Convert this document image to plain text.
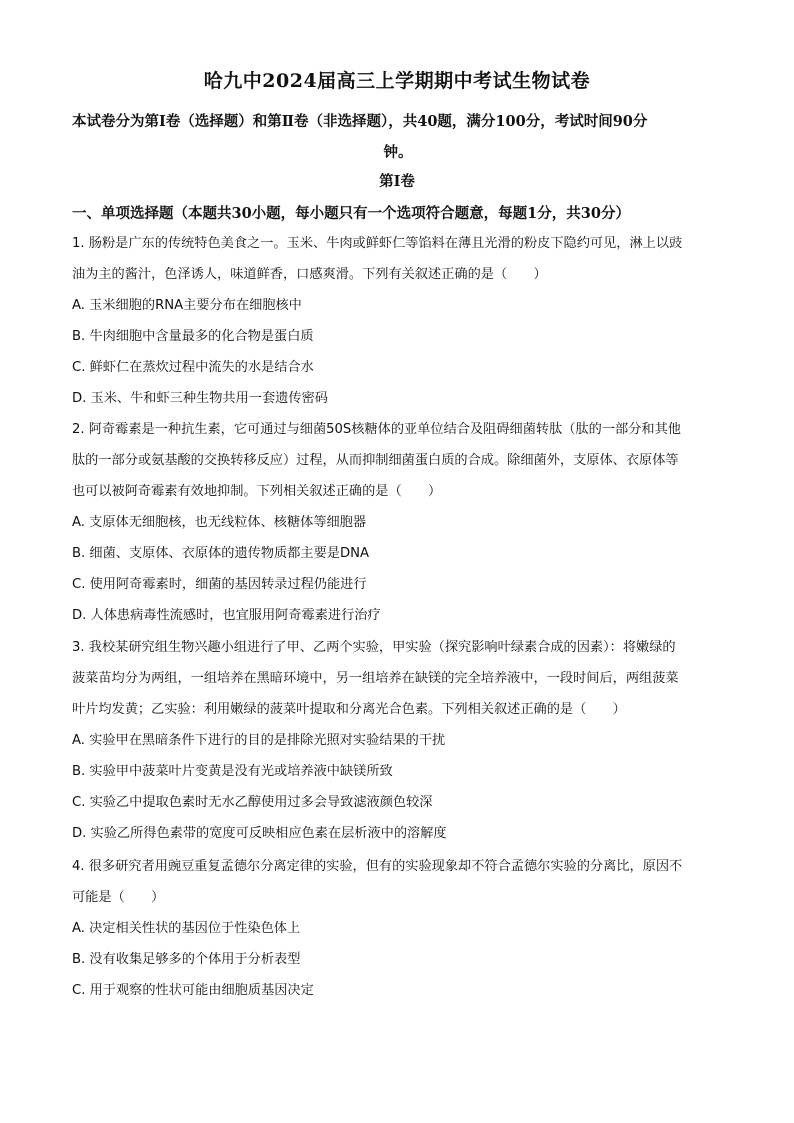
哈九中2024届高三上学期期中考试生物试卷
本试卷分为第Ⅰ卷（选择题）和第Ⅱ卷（非选择题），共40题，满分100分，考试时间90分
钟。
第Ⅰ卷
一、单项选择题（本题共30小题，每小题只有一个选项符合题意，每题1分，共30分）
1. 肠粉是广东的传统特色美食之一。玉米、牛肉或鲜虾仁等馅料在薄且光滑的粉皮下隐约可见，淋上以豉
油为主的酱汁，色泽诱人，味道鲜香，口感爽滑。下列有关叙述正确的是（　　）
A. 玉米细胞的RNA主要分布在细胞核中
B. 牛肉细胞中含量最多的化合物是蛋白质
C. 鲜虾仁在蒸炊过程中流失的水是结合水
D. 玉米、牛和虾三种生物共用一套遗传密码
2. 阿奇霉素是一种抗生素，它可通过与细菌50S核糖体的亚单位结合及阻碍细菌转肽（肽的一部分和其他
肽的一部分或氨基酸的交换转移反应）过程，从而抑制细菌蛋白质的合成。除细菌外，支原体、衣原体等
也可以被阿奇霉素有效地抑制。下列相关叙述正确的是（　　）
A. 支原体无细胞核，也无线粒体、核糖体等细胞器
B. 细菌、支原体、衣原体的遗传物质都主要是DNA
C. 使用阿奇霉素时，细菌的基因转录过程仍能进行
D. 人体患病毒性流感时，也宜服用阿奇霉素进行治疗
3. 我校某研究组生物兴趣小组进行了甲、乙两个实验，甲实验（探究影响叶绿素合成的因素）：将嫩绿的
菠菜苗均分为两组，一组培养在黑暗环境中，另一组培养在缺镁的完全培养液中，一段时间后，两组菠菜
叶片均发黄；乙实验：利用嫩绿的菠菜叶提取和分离光合色素。下列相关叙述正确的是（　　）
A. 实验甲在黑暗条件下进行的目的是排除光照对实验结果的干扰
B. 实验甲中菠菜叶片变黄是没有光或培养液中缺镁所致
C. 实验乙中提取色素时无水乙醇使用过多会导致滤液颜色较深
D. 实验乙所得色素带的宽度可反映相应色素在层析液中的溶解度
4. 很多研究者用豌豆重复孟德尔分离定律的实验，但有的实验现象却不符合孟德尔实验的分离比，原因不
可能是（　　）
A. 决定相关性状的基因位于性染色体上
B. 没有收集足够多的个体用于分析表型
C. 用于观察的性状可能由细胞质基因决定
